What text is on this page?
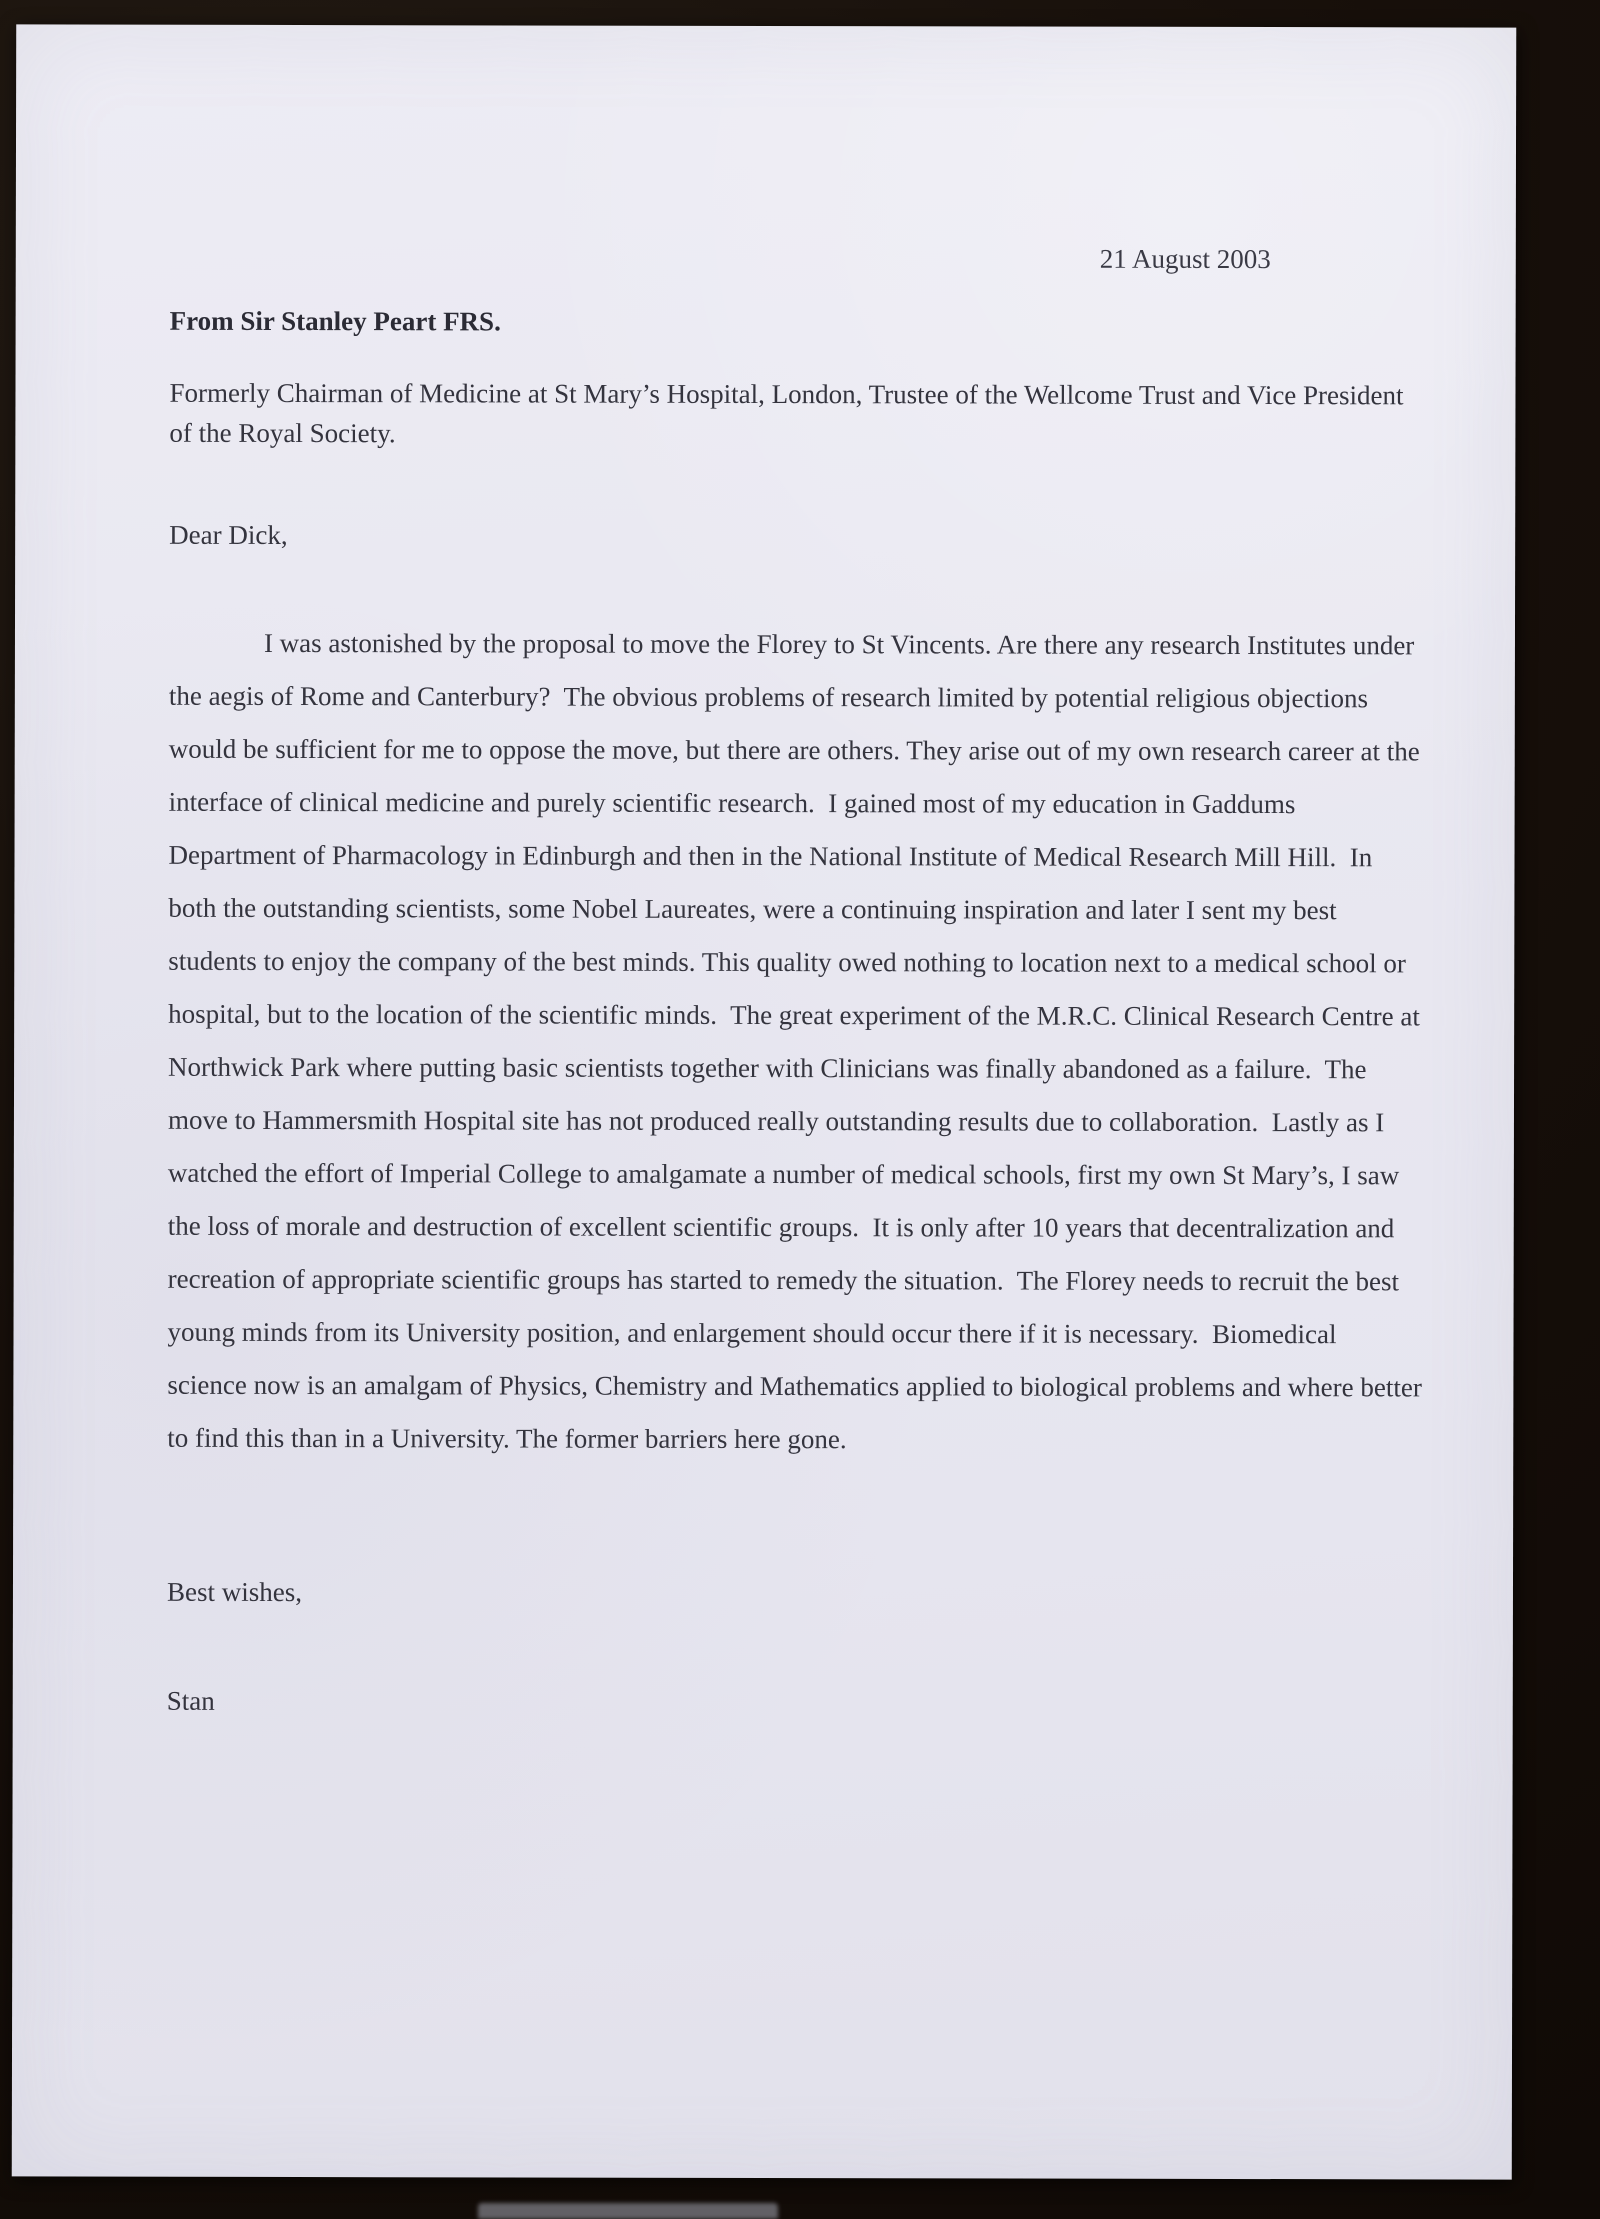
21 August 2003
From Sir Stanley Peart FRS.

Formerly Chairman of Medicine at St Mary’s Hospital, London, Trustee of the Wellcome Trust and Vice President of the Royal Society.

Dear Dick,

I was astonished by the proposal to move the Florey to St Vincents. Are there any research Institutes under the aegis of Rome and Canterbury?  The obvious problems of research limited by potential religious objections would be sufficient for me to oppose the move, but there are others. They arise out of my own research career at the interface of clinical medicine and purely scientific research.  I gained most of my education in Gaddums Department of Pharmacology in Edinburgh and then in the National Institute of Medical Research Mill Hill.  In both the outstanding scientists, some Nobel Laureates, were a continuing inspiration and later I sent my best students to enjoy the company of the best minds. This quality owed nothing to location next to a medical school or hospital, but to the location of the scientific minds.  The great experiment of the M.R.C. Clinical Research Centre at Northwick Park where putting basic scientists together with Clinicians was finally abandoned as a failure.  The move to Hammersmith Hospital site has not produced really outstanding results due to collaboration.  Lastly as I watched the effort of Imperial College to amalgamate a number of medical schools, first my own St Mary’s, I saw the loss of morale and destruction of excellent scientific groups.  It is only after 10 years that decentralization and recreation of appropriate scientific groups has started to remedy the situation.  The Florey needs to recruit the best young minds from its University position, and enlargement should occur there if it is necessary.  Biomedical science now is an amalgam of Physics, Chemistry and Mathematics applied to biological problems and where better to find this than in a University. The former barriers here gone.

Best wishes,

Stan
